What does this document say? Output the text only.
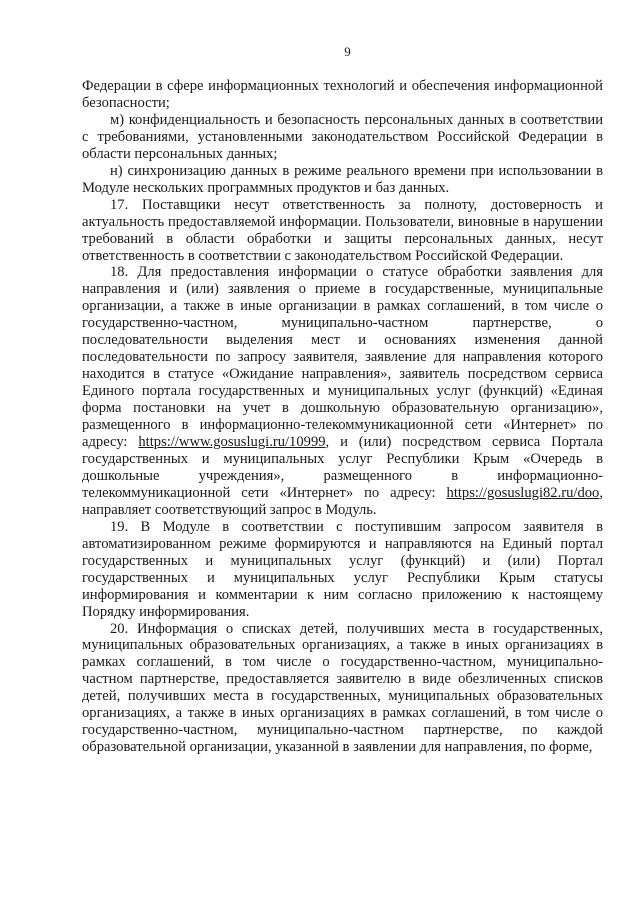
9

Федерации в сфере информационных технологий и обеспечения информационной безопасности;

м) конфиденциальность и безопасность персональных данных в соответствии с требованиями, установленными законодательством Российской Федерации в области персональных данных;

н) синхронизацию данных в режиме реального времени при использовании в Модуле нескольких программных продуктов и баз данных.

17. Поставщики несут ответственность за полноту, достоверность и актуальность предоставляемой информации. Пользователи, виновные в нарушении требований в области обработки и защиты персональных данных, несут ответственность в соответствии с законодательством Российской Федерации.

18. Для предоставления информации о статусе обработки заявления для направления и (или) заявления о приеме в государственные, муниципальные организации, а также в иные организации в рамках соглашений, в том числе о государственно-частном, муниципально-частном партнерстве, о последовательности выделения мест и основаниях изменения данной последовательности по запросу заявителя, заявление для направления которого находится в статусе «Ожидание направления», заявитель посредством сервиса Единого портала государственных и муниципальных услуг (функций) «Единая форма постановки на учет в дошкольную образовательную организацию», размещенного в информационно-телекоммуникационной сети «Интернет» по адресу: https://www.gosuslugi.ru/10999, и (или) посредством сервиса Портала государственных и муниципальных услуг Республики Крым «Очередь в дошкольные учреждения», размещенного в информационно-телекоммуникационной сети «Интернет» по адресу: https://gosuslugi82.ru/doo, направляет соответствующий запрос в Модуль.

19. В Модуле в соответствии с поступившим запросом заявителя в автоматизированном режиме формируются и направляются на Единый портал государственных и муниципальных услуг (функций) и (или) Портал государственных и муниципальных услуг Республики Крым статусы информирования и комментарии к ним согласно приложению к настоящему Порядку информирования.

20. Информация о списках детей, получивших места в государственных, муниципальных образовательных организациях, а также в иных организациях в рамках соглашений, в том числе о государственно-частном, муниципально-частном партнерстве, предоставляется заявителю в виде обезличенных списков детей, получивших места в государственных, муниципальных образовательных организациях, а также в иных организациях в рамках соглашений, в том числе о государственно-частном, муниципально-частном партнерстве, по каждой образовательной организации, указанной в заявлении для направления, по форме,
